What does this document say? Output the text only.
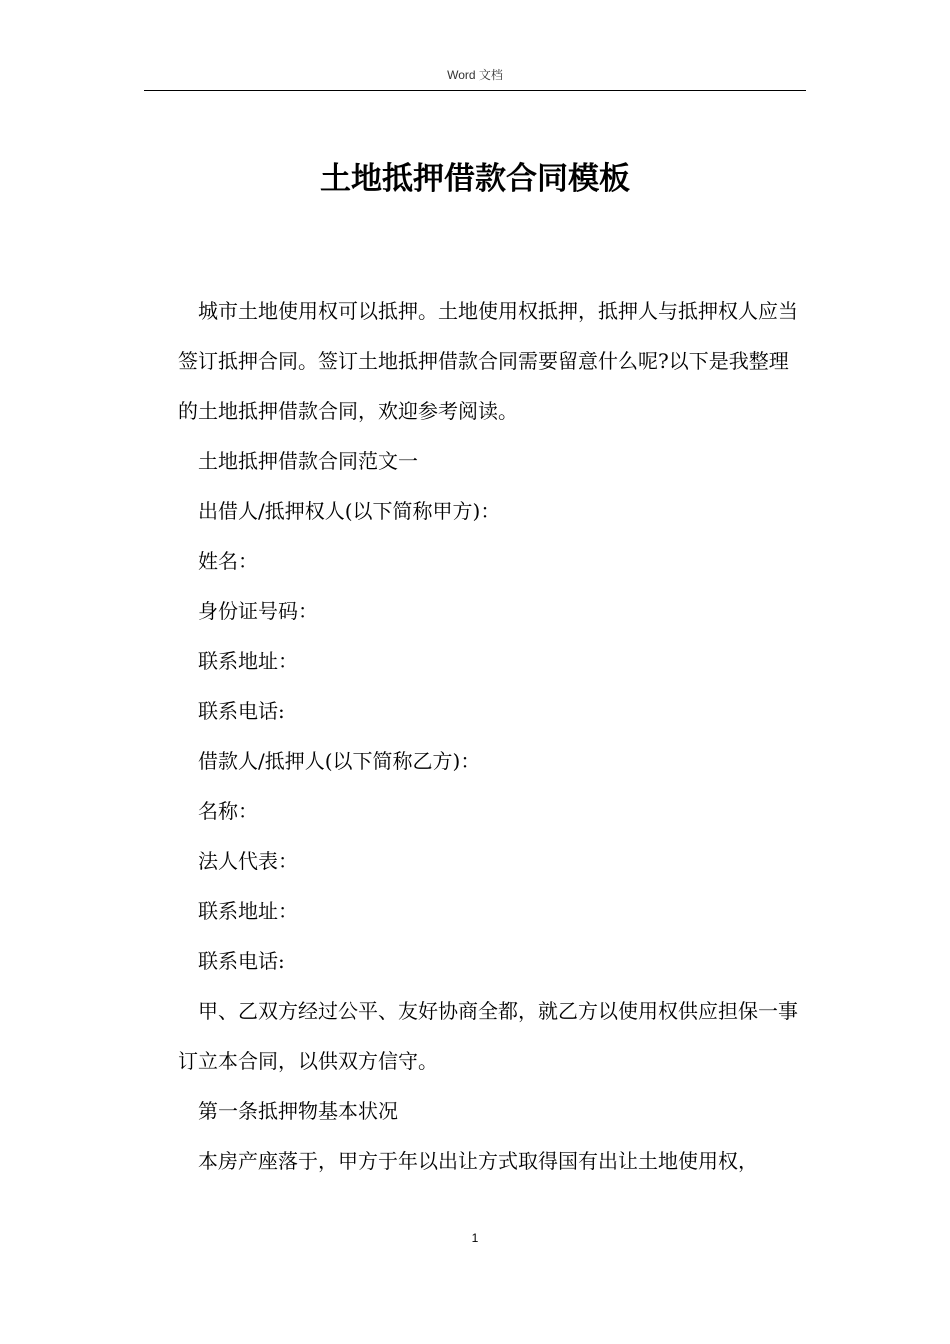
Word 文档
土地抵押借款合同模板

城市土地使用权可以抵押。土地使用权抵押，抵押人与抵押权人应当签订抵押合同。签订土地抵押借款合同需要留意什么呢?以下是我整理的土地抵押借款合同，欢迎参考阅读。

土地抵押借款合同范文一

出借人/抵押权人(以下简称甲方)：

姓名：

身份证号码：

联系地址：

联系电话:

借款人/抵押人(以下简称乙方)：

名称：

法人代表：

联系地址：

联系电话:

甲、乙双方经过公平、友好协商全都，就乙方以使用权供应担保一事订立本合同，以供双方信守。

第一条抵押物基本状况

本房产座落于，甲方于年以出让方式取得国有出让土地使用权，

1
